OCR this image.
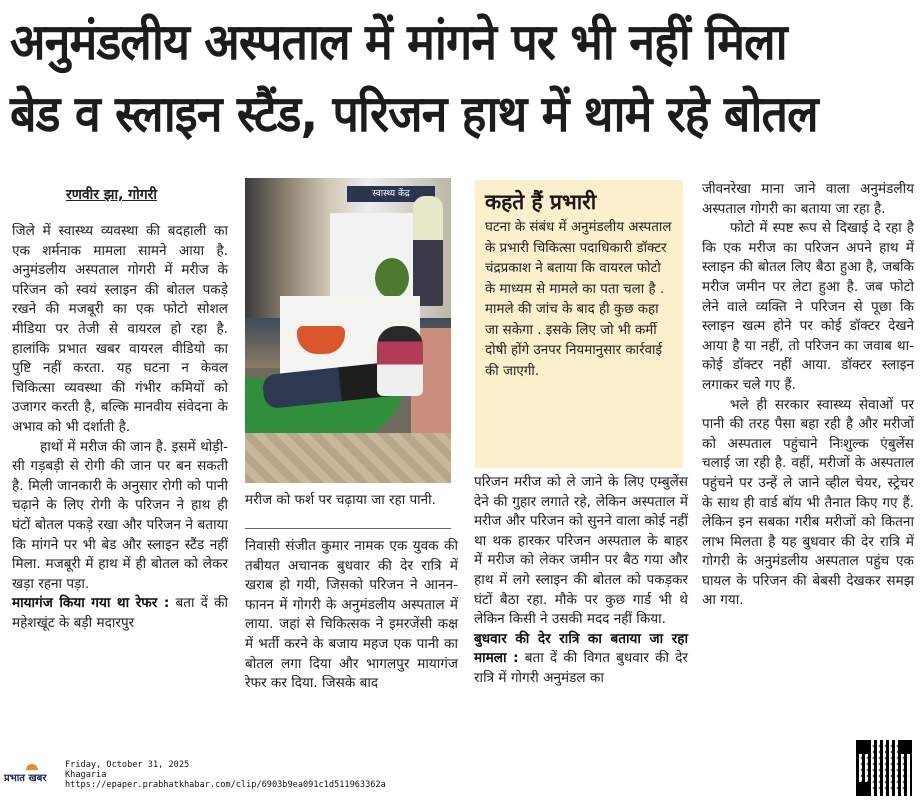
अनुमंडलीय अस्पताल में मांगने पर भी नहीं मिला
बेड व स्लाइन स्टैंड, परिजन हाथ में थामे रहे बोतल
रणवीर झा, गोगरी

जिले में स्वास्थ्य व्यवस्था की बदहाली का एक शर्मनाक मामला सामने आया है. अनुमंडलीय अस्पताल गोगरी में मरीज के परिजन को स्वयं स्लाइन की बोतल पकड़े रखने की मजबूरी का एक फोटो सोशल मीडिया पर तेजी से वायरल हो रहा है. हालांकि प्रभात खबर वायरल वीडियो का पुष्टि नहीं करता. यह घटना न केवल चिकित्सा व्यवस्था की गंभीर कमियों को उजागर करती है, बल्कि मानवीय संवेदना के अभाव को भी दर्शाती है.

हाथों में मरीज की जान है. इसमें थोड़ी-सी गड़बड़ी से रोगी की जान पर बन सकती है. मिली जानकारी के अनुसार रोगी को पानी चढ़ाने के लिए रोगी के परिजन ने हाथ ही घंटों बोतल पकड़े रखा और परिजन ने बताया कि मांगने पर भी बेड और स्लाइन स्टैंड नहीं मिला. मजबूरी में हाथ में ही बोतल को लेकर खड़ा रहना पड़ा.

मायागंज किया गया था रेफर : बता दें की महेशखूंट के बड़ी मदारपुर

स्वास्थ्य केंद्र
मरीज को फर्श पर चढ़ाया जा रहा पानी.

निवासी संजीत कुमार नामक एक युवक की तबीयत अचानक बुधवार की देर रात्रि में खराब हो गयी, जिसको परिजन ने आनन-फानन में गोगरी के अनुमंडलीय अस्पताल में लाया. जहां से चिकित्सक ने इमरजेंसी कक्ष में भर्ती करने के बजाय महज एक पानी का बोतल लगा दिया और भागलपुर मायागंज रेफर कर दिया. जिसके बाद

कहते हैं प्रभारी
घटना के संबंध में अनुमंडलीय अस्पताल के प्रभारी चिकित्सा पदाधिकारी डॉक्टर चंद्रप्रकाश ने बताया कि वायरल फोटो के माध्यम से मामले का पता चला है . मामले की जांच के बाद ही कुछ कहा जा सकेगा . इसके लिए जो भी कर्मी दोषी होंगे उनपर नियमानुसार कार्रवाई की जाएगी.

परिजन मरीज को ले जाने के लिए एम्बुलेंस देने की गुहार लगाते रहे, लेकिन अस्पताल में मरीज और परिजन को सुनने वाला कोई नहीं था थक हारकर परिजन अस्पताल के बाहर में मरीज को लेकर जमीन पर बैठ गया और हाथ में लगे स्लाइन की बोतल को पकड़कर घंटों बैठा रहा. मौके पर कुछ गार्ड भी थे लेकिन किसी ने उसकी मदद नहीं किया.

बुधवार की देर रात्रि का बताया जा रहा मामला : बता दें की विगत बुधवार की देर रात्रि में गोगरी अनुमंडल का

जीवनरेखा माना जाने वाला अनुमंडलीय अस्पताल गोगरी का बताया जा रहा है.

फोटो में स्पष्ट रूप से दिखाई दे रहा है कि एक मरीज का परिजन अपने हाथ में स्लाइन की बोतल लिए बैठा हुआ है, जबकि मरीज जमीन पर लेटा हुआ है. जब फोटो लेने वाले व्यक्ति ने परिजन से पूछा कि स्लाइन खत्म होने पर कोई डॉक्टर देखने आया है या नहीं, तो परिजन का जवाब था-कोई डॉक्टर नहीं आया. डॉक्टर स्लाइन लगाकर चले गए हैं.

भले ही सरकार स्वास्थ्य सेवाओं पर पानी की तरह पैसा बहा रही है और मरीजों को अस्पताल पहुंचाने निःशुल्क एंबुलेंस चलाई जा रही है. वहीं, मरीजों के अस्पताल पहुंचने पर उन्हें ले जाने व्हील चेयर, स्ट्रेचर के साथ ही वार्ड बॉय भी तैनात किए गए हैं. लेकिन इन सबका गरीब मरीजों को कितना लाभ मिलता है यह बुधवार की देर रात्रि में गोगरी के अनुमंडलीय अस्पताल पहुंच एक घायल के परिजन की बेबसी देखकर समझ आ गया.

प्रभात खबर
Friday, October 31, 2025
Khagaria
https://epaper.prabhatkhabar.com/clip/6903b9ea091c1d511963362a
